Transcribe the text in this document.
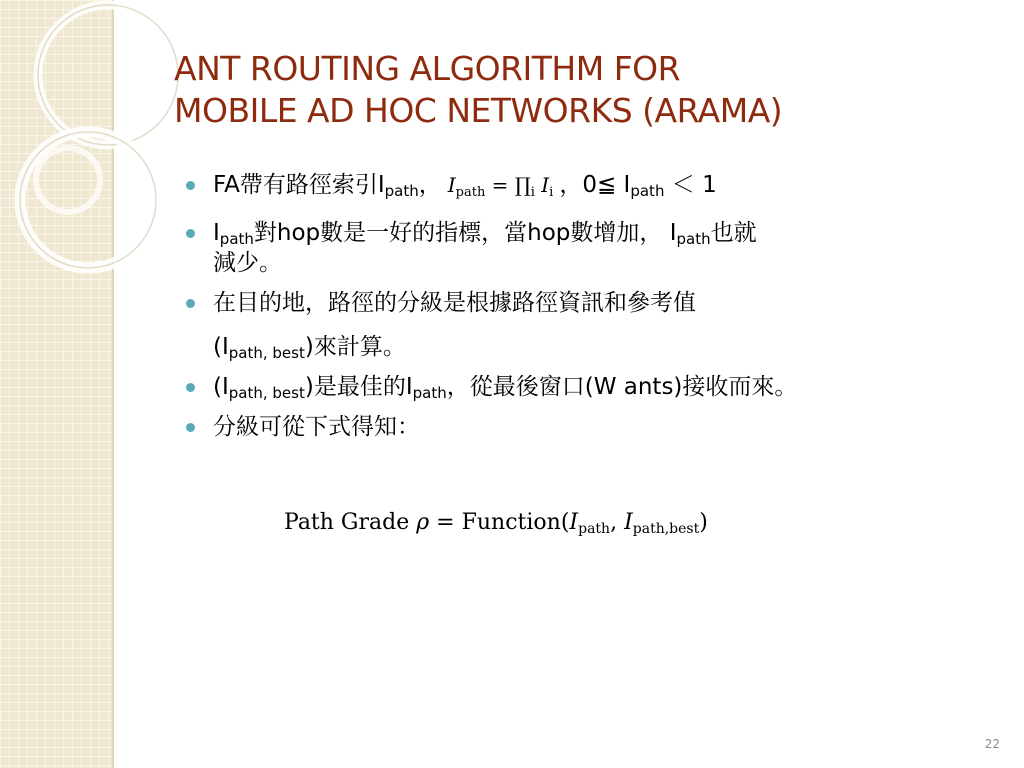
ANT ROUTING ALGORITHM FOR
MOBILE AD HOC NETWORKS (ARAMA)
FA帶有路徑索引$I_{path}$， $I_{path}$ = $\prod_i$ $I_i$ ，0≦ $I_{path} < 1$
$I_{path}$對hop數是一好的指標，當hop數增加， $I_{path}$也就
減少。
在目的地，路徑的分級是根據路徑資訊和參考值
$(I_{path, best})$來計算。
$(I_{path, best})$是最佳的$I_{path}$，從最後窗口(W ants)接收而來。
分級可從下式得知：
Path Grade ρ = Function(Ipath, Ipath,best)
22
